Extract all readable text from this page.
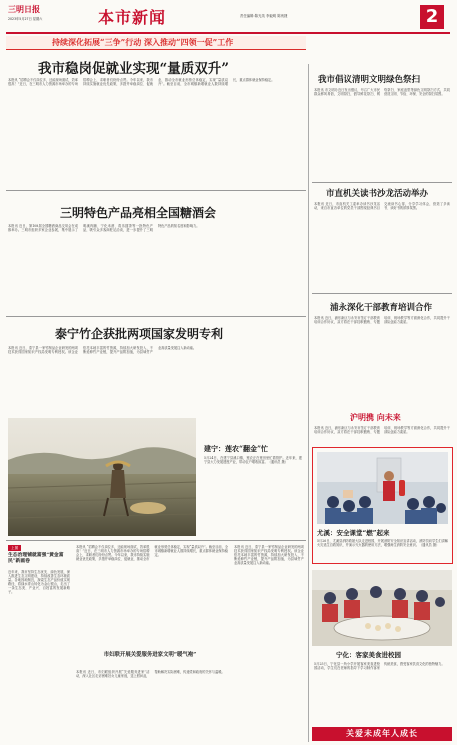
三明日报
2023年5月27日 星期六	本市新闻	责任编辑:陈光英 李毅明 陈贵捷	2
持续深化拓展“三争”行动 深入推动“四领一促”工作
我市稳岗促就业实现“量质双升”
本报讯 “招聘会不仅岗位多，还能现场面试，效率很高！”近日，在三明市人力资源市场举办的专场招聘会上，求职者们纷纷点赞。今年以来，我市持续实施就业优先政策，多措并举稳岗位、促就业，推动全市就业形势总体稳定，实现“量质双升”。截至目前，全市城镇新增就业人数持续增长，重点群体就业保持稳定。
三明特色产品亮相全国糖酒会
本报讯 近日，第108届全国糖酒商品交易会在成都举办。三明市组织多家企业参展，集中展示了明溪肉脯、宁化米酒、将乐擂茶等一批特色产品，吸引众多客商驻足洽谈，进一步提升了三明特色产品的知名度和影响力。
泰宁竹企获批两项国家发明专利
本报讯 近日，泰宁县一家竹制品企业研发的两项技术获得国家知识产权局发明专利授权。该企业依托本地丰富的竹资源，持续加大研发投入，不断延伸竹产业链，提升产品附加值，为县域竹产业高质量发展注入新动能。
建宁：莲农“翻金”忙
5月24日，在建宁县溪口镇，莲农正在莲田里忙着管护。近年来，建宁县大力发展建莲产业，带动农户增收致富。（通讯员 摄）
上图
生态治理铺就富强“黄金富民”新画卷
近年来，我市坚持生态优先、绿色发展，深入推进生态文明建设，持续改善生态环境质量。各地因地制宜，探索生态产品价值实现路径，将绿水青山转化为金山银山，走出了一条生态美、产业兴、百姓富的发展新路子。
本报讯 “招聘会不仅岗位多，还能现场面试，效率很高！”近日，在三明市人力资源市场举办的专场招聘会上，求职者们纷纷点赞。今年以来，我市持续实施就业优先政策，多措并举稳岗位、促就业，推动全市就业形势总体稳定，实现“量质双升”。截至目前，全市城镇新增就业人数持续增长，重点群体就业保持稳定。
市妇联开展关爱服务进家文明“暖气袍”
本报讯 近日，市妇联组织开展“关爱服务进家”活动，深入社区走访困难妇女儿童家庭，送上慰问品，帮助解决实际困难，传递党和政府的关怀与温暖。
本报讯 近日，泰宁县一家竹制品企业研发的两项技术获得国家知识产权局发明专利授权。该企业依托本地丰富的竹资源，持续加大研发投入，不断延伸竹产业链，提升产品附加值，为县域竹产业高质量发展注入新动能。
我市倡议清明文明绿色祭扫
本报讯 市文明办近日发出倡议，号召广大市民群众移风易俗，文明祭扫，倡导鲜花祭扫、网络祭扫、家庭追思等绿色文明祭扫方式，共同营造文明、节俭、环保、安全的祭扫氛围。
市直机关读书沙龙活动举办
本报讯 近日，市直机关工委举办读书沙龙活动，来自市直各单位的党员干部围绕经典书目交流读书心得，分享学习体会，营造了多读书、读好书的浓厚氛围。
浦永深化干部教育培训合作
本报讯 近日，浦东新区与永安市签订干部教育培训合作协议，双方将在干部挂职锻炼、专题培训、现场教学等方面深化合作，共同提升干部队伍能力素质。
沪明携 向未来
本报讯 近日，浦东新区与永安市签订干部教育培训合作协议，双方将在干部挂职锻炼、专题培训、现场教学等方面深化合作，共同提升干部队伍能力素质。
尤溪：安全课堂“燃”起来
5月26日，尤溪县消防救援大队走进校园，开展消防安全知识宣讲活动，消防员向学生们讲解火灾逃生自救知识，并演示灭火器的使用方法，增强师生消防安全意识。（通讯员 摄）
宁化：客家美食进校园
5月25日，宁化县一所小学开展客家美食进校园活动，学生们在老师的指导下学习制作客家传统美食，感受客家饮食文化的独特魅力。
关爱未成年人成长
